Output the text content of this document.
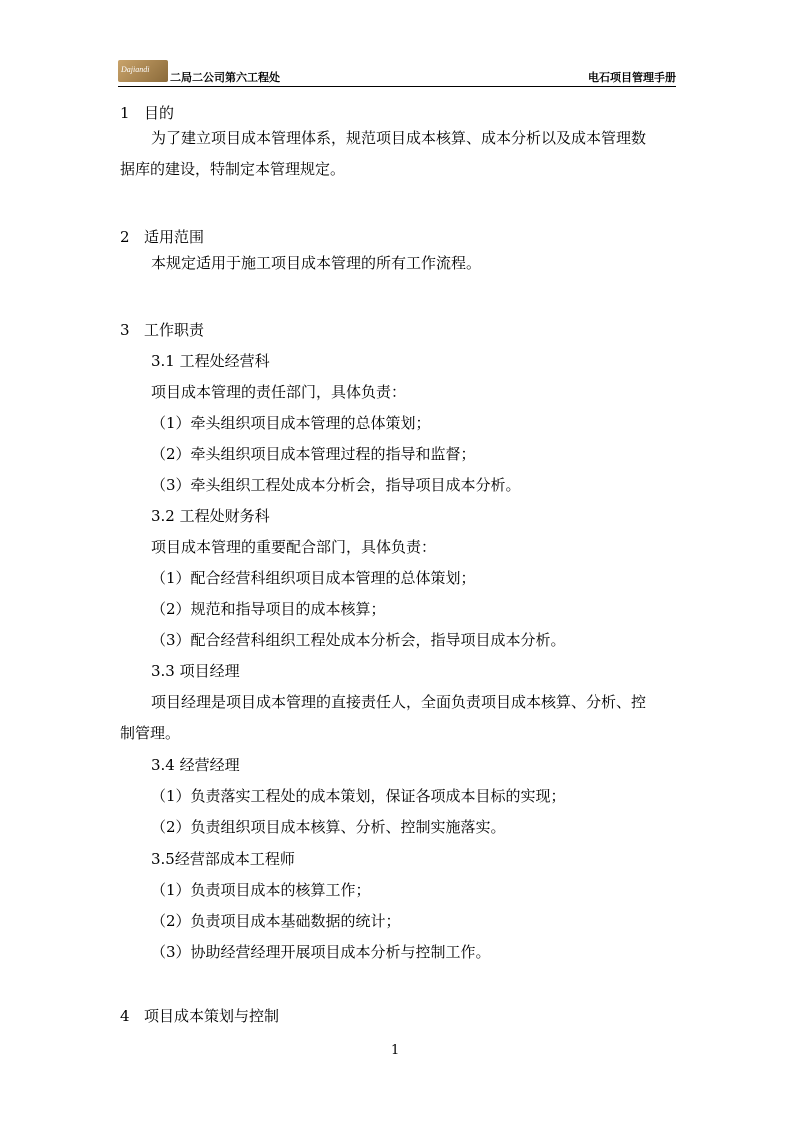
Dajiandi
二局二公司第六工程处	电石项目管理手册
1 目的
为了建立项目成本管理体系，规范项目成本核算、成本分析以及成本管理数
据库的建设，特制定本管理规定。
2 适用范围
本规定适用于施工项目成本管理的所有工作流程。
3 工作职责
3.1 工程处经营科
项目成本管理的责任部门，具体负责：
（1）牵头组织项目成本管理的总体策划；
（2）牵头组织项目成本管理过程的指导和监督；
（3）牵头组织工程处成本分析会，指导项目成本分析。
3.2 工程处财务科
项目成本管理的重要配合部门，具体负责：
（1）配合经营科组织项目成本管理的总体策划；
（2）规范和指导项目的成本核算；
（3）配合经营科组织工程处成本分析会，指导项目成本分析。
3.3 项目经理
项目经理是项目成本管理的直接责任人，全面负责项目成本核算、分析、控
制管理。
3.4 经营经理
（1）负责落实工程处的成本策划，保证各项成本目标的实现；
（2）负责组织项目成本核算、分析、控制实施落实。
3.5经营部成本工程师
（1）负责项目成本的核算工作；
（2）负责项目成本基础数据的统计；
（3）协助经营经理开展项目成本分析与控制工作。
4 项目成本策划与控制
1
